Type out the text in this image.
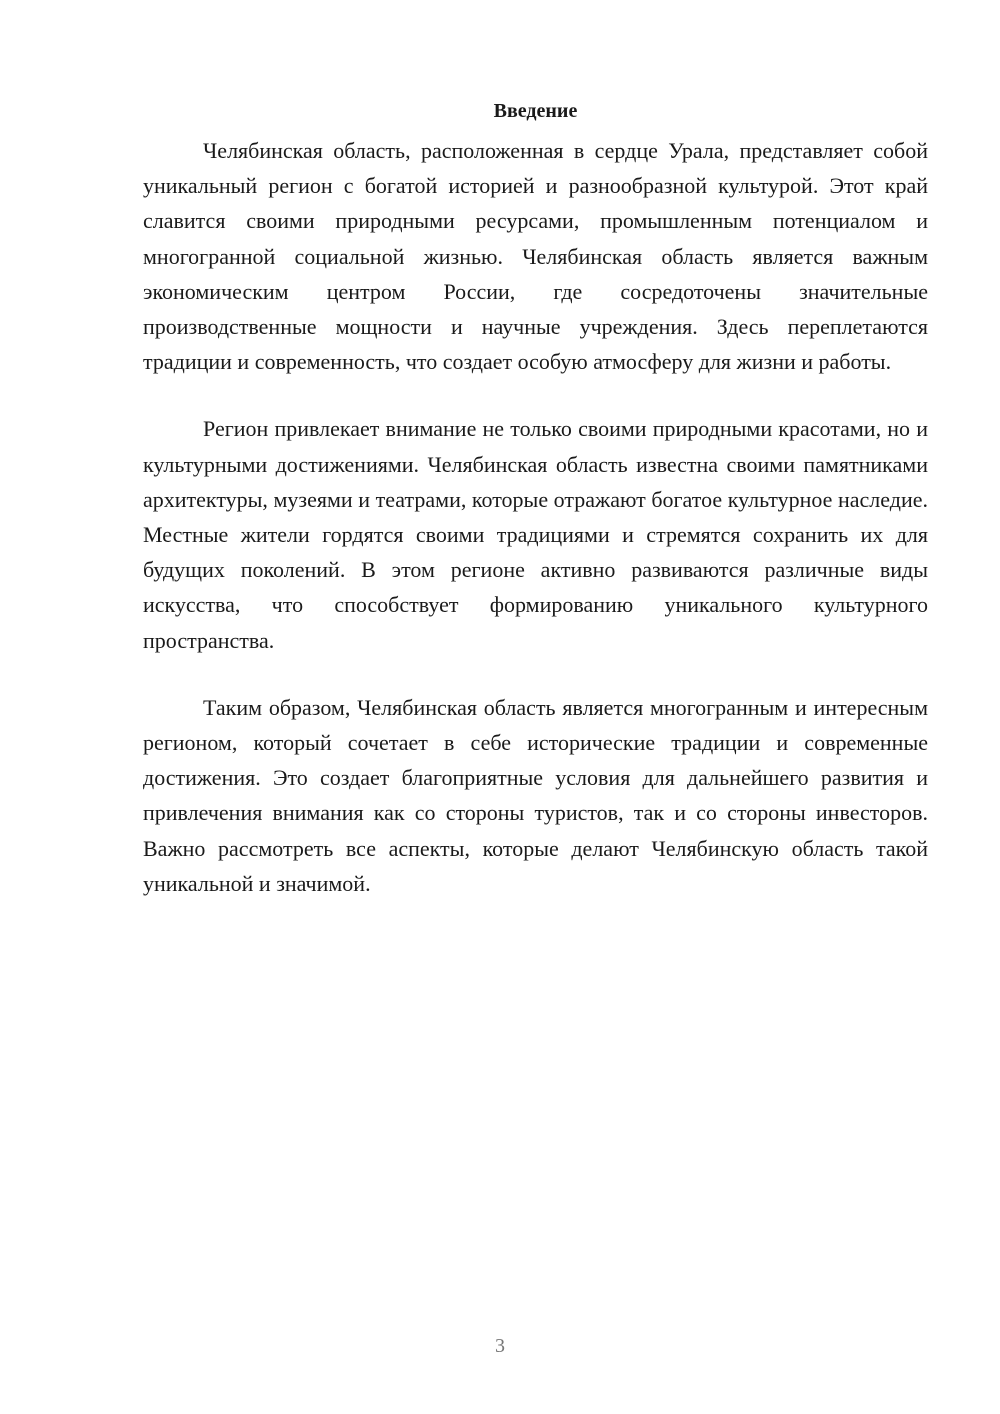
Введение

Челябинская область, расположенная в сердце Урала, представляет собой уникальный регион с богатой историей и разнообразной культурой. Этот край славится своими природными ресурсами, промышленным потенциалом и многогранной социальной жизнью. Челябинская область является важным экономическим центром России, где сосредоточены значительные производственные мощности и научные учреждения. Здесь переплетаются традиции и современность, что создает особую атмосферу для жизни и работы.

Регион привлекает внимание не только своими природными красотами, но и культурными достижениями. Челябинская область известна своими памятниками архитектуры, музеями и театрами, которые отражают богатое культурное наследие. Местные жители гордятся своими традициями и стремятся сохранить их для будущих поколений. В этом регионе активно развиваются различные виды искусства, что способствует формированию уникального культурного пространства.

Таким образом, Челябинская область является многогранным и интересным регионом, который сочетает в себе исторические традиции и современные достижения. Это создает благоприятные условия для дальнейшего развития и привлечения внимания как со стороны туристов, так и со стороны инвесторов. Важно рассмотреть все аспекты, которые делают Челябинскую область такой уникальной и значимой.

3
